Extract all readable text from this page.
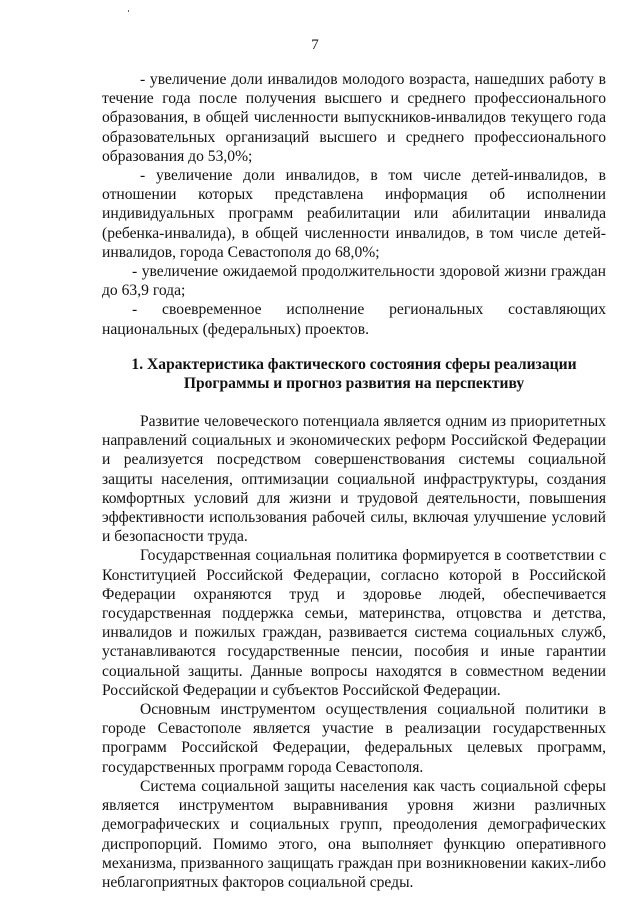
7

- увеличение доли инвалидов молодого возраста, нашедших работу в течение года после получения высшего и среднего профессионального образования, в общей численности выпускников-инвалидов текущего года образовательных организаций высшего и среднего профессионального образования до 53,0%;

- увеличение доли инвалидов, в том числе детей-инвалидов, в отношении которых представлена информация об исполнении индивидуальных программ реабилитации или абилитации инвалида (ребенка-инвалида), в общей численности инвалидов, в том числе детей-инвалидов, города Севастополя до 68,0%;

- увеличение ожидаемой продолжительности здоровой жизни граждан до 63,9 года;

- своевременное исполнение региональных составляющих национальных (федеральных) проектов.

1. Характеристика фактического состояния сферы реализации
Программы и прогноз развития на перспективу

Развитие человеческого потенциала является одним из приоритетных направлений социальных и экономических реформ Российской Федерации и реализуется посредством совершенствования системы социальной защиты населения, оптимизации социальной инфраструктуры, создания комфортных условий для жизни и трудовой деятельности, повышения эффективности использования рабочей силы, включая улучшение условий и безопасности труда.

Государственная социальная политика формируется в соответствии с Конституцией Российской Федерации, согласно которой в Российской Федерации охраняются труд и здоровье людей, обеспечивается государственная поддержка семьи, материнства, отцовства и детства, инвалидов и пожилых граждан, развивается система социальных служб, устанавливаются государственные пенсии, пособия и иные гарантии социальной защиты. Данные вопросы находятся в совместном ведении Российской Федерации и субъектов Российской Федерации.

Основным инструментом осуществления социальной политики в городе Севастополе является участие в реализации государственных программ Российской Федерации, федеральных целевых программ, государственных программ города Севастополя.

Система социальной защиты населения как часть социальной сферы является инструментом выравнивания уровня жизни различных демографических и социальных групп, преодоления демографических диспропорций. Помимо этого, она выполняет функцию оперативного механизма, призванного защищать граждан при возникновении каких-либо неблагоприятных факторов социальной среды.
